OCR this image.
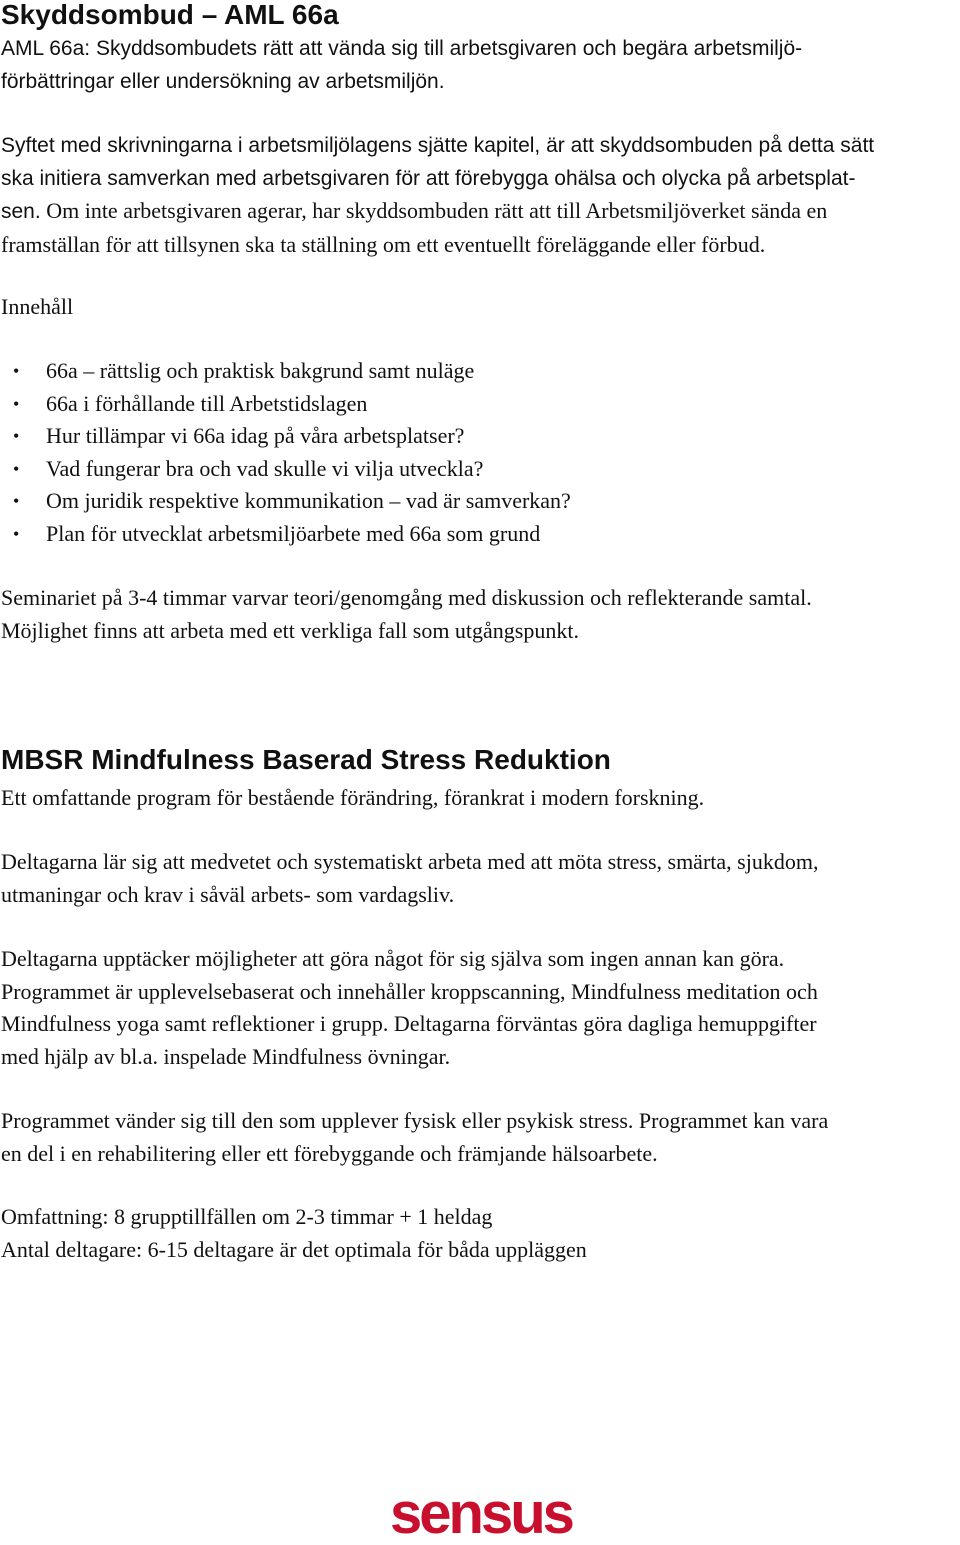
Skyddsombud – AML 66a

AML 66a: Skyddsombudets rätt att vända sig till arbetsgivaren och begära arbetsmiljö-

förbättringar eller undersökning av arbetsmiljön.

Syftet med skrivningarna i arbetsmiljölagens sjätte kapitel, är att skyddsombuden på detta sätt

ska initiera samverkan med arbetsgivaren för att förebygga ohälsa och olycka på arbetsplat-

sen. Om inte arbetsgivaren agerar, har skyddsombuden rätt att till Arbetsmiljöverket sända en

framställan för att tillsynen ska ta ställning om ett eventuellt föreläggande eller förbud.

Innehåll

• 66a – rättslig och praktisk bakgrund samt nuläge
• 66a i förhållande till Arbetstidslagen
• Hur tillämpar vi 66a idag på våra arbetsplatser?
• Vad fungerar bra och vad skulle vi vilja utveckla?
• Om juridik respektive kommunikation – vad är samverkan?
• Plan för utvecklat arbetsmiljöarbete med 66a som grund

Seminariet på 3-4 timmar varvar teori/genomgång med diskussion och reflekterande samtal.

Möjlighet finns att arbeta med ett verkliga fall som utgångspunkt.

MBSR Mindfulness Baserad Stress Reduktion

Ett omfattande program för bestående förändring, förankrat i modern forskning.

Deltagarna lär sig att medvetet och systematiskt arbeta med att möta stress, smärta, sjukdom,

utmaningar och krav i såväl arbets- som vardagsliv.

Deltagarna upptäcker möjligheter att göra något för sig själva som ingen annan kan göra.

Programmet är upplevelsebaserat och innehåller kroppscanning, Mindfulness meditation och

Mindfulness yoga samt reflektioner i grupp. Deltagarna förväntas göra dagliga hemuppgifter

med hjälp av bl.a. inspelade Mindfulness övningar.

Programmet vänder sig till den som upplever fysisk eller psykisk stress. Programmet kan vara

en del i en rehabilitering eller ett förebyggande och främjande hälsoarbete.

Omfattning: 8 grupptillfällen om 2-3 timmar + 1 heldag

Antal deltagare: 6-15 deltagare är det optimala för båda uppläggen

sensus
